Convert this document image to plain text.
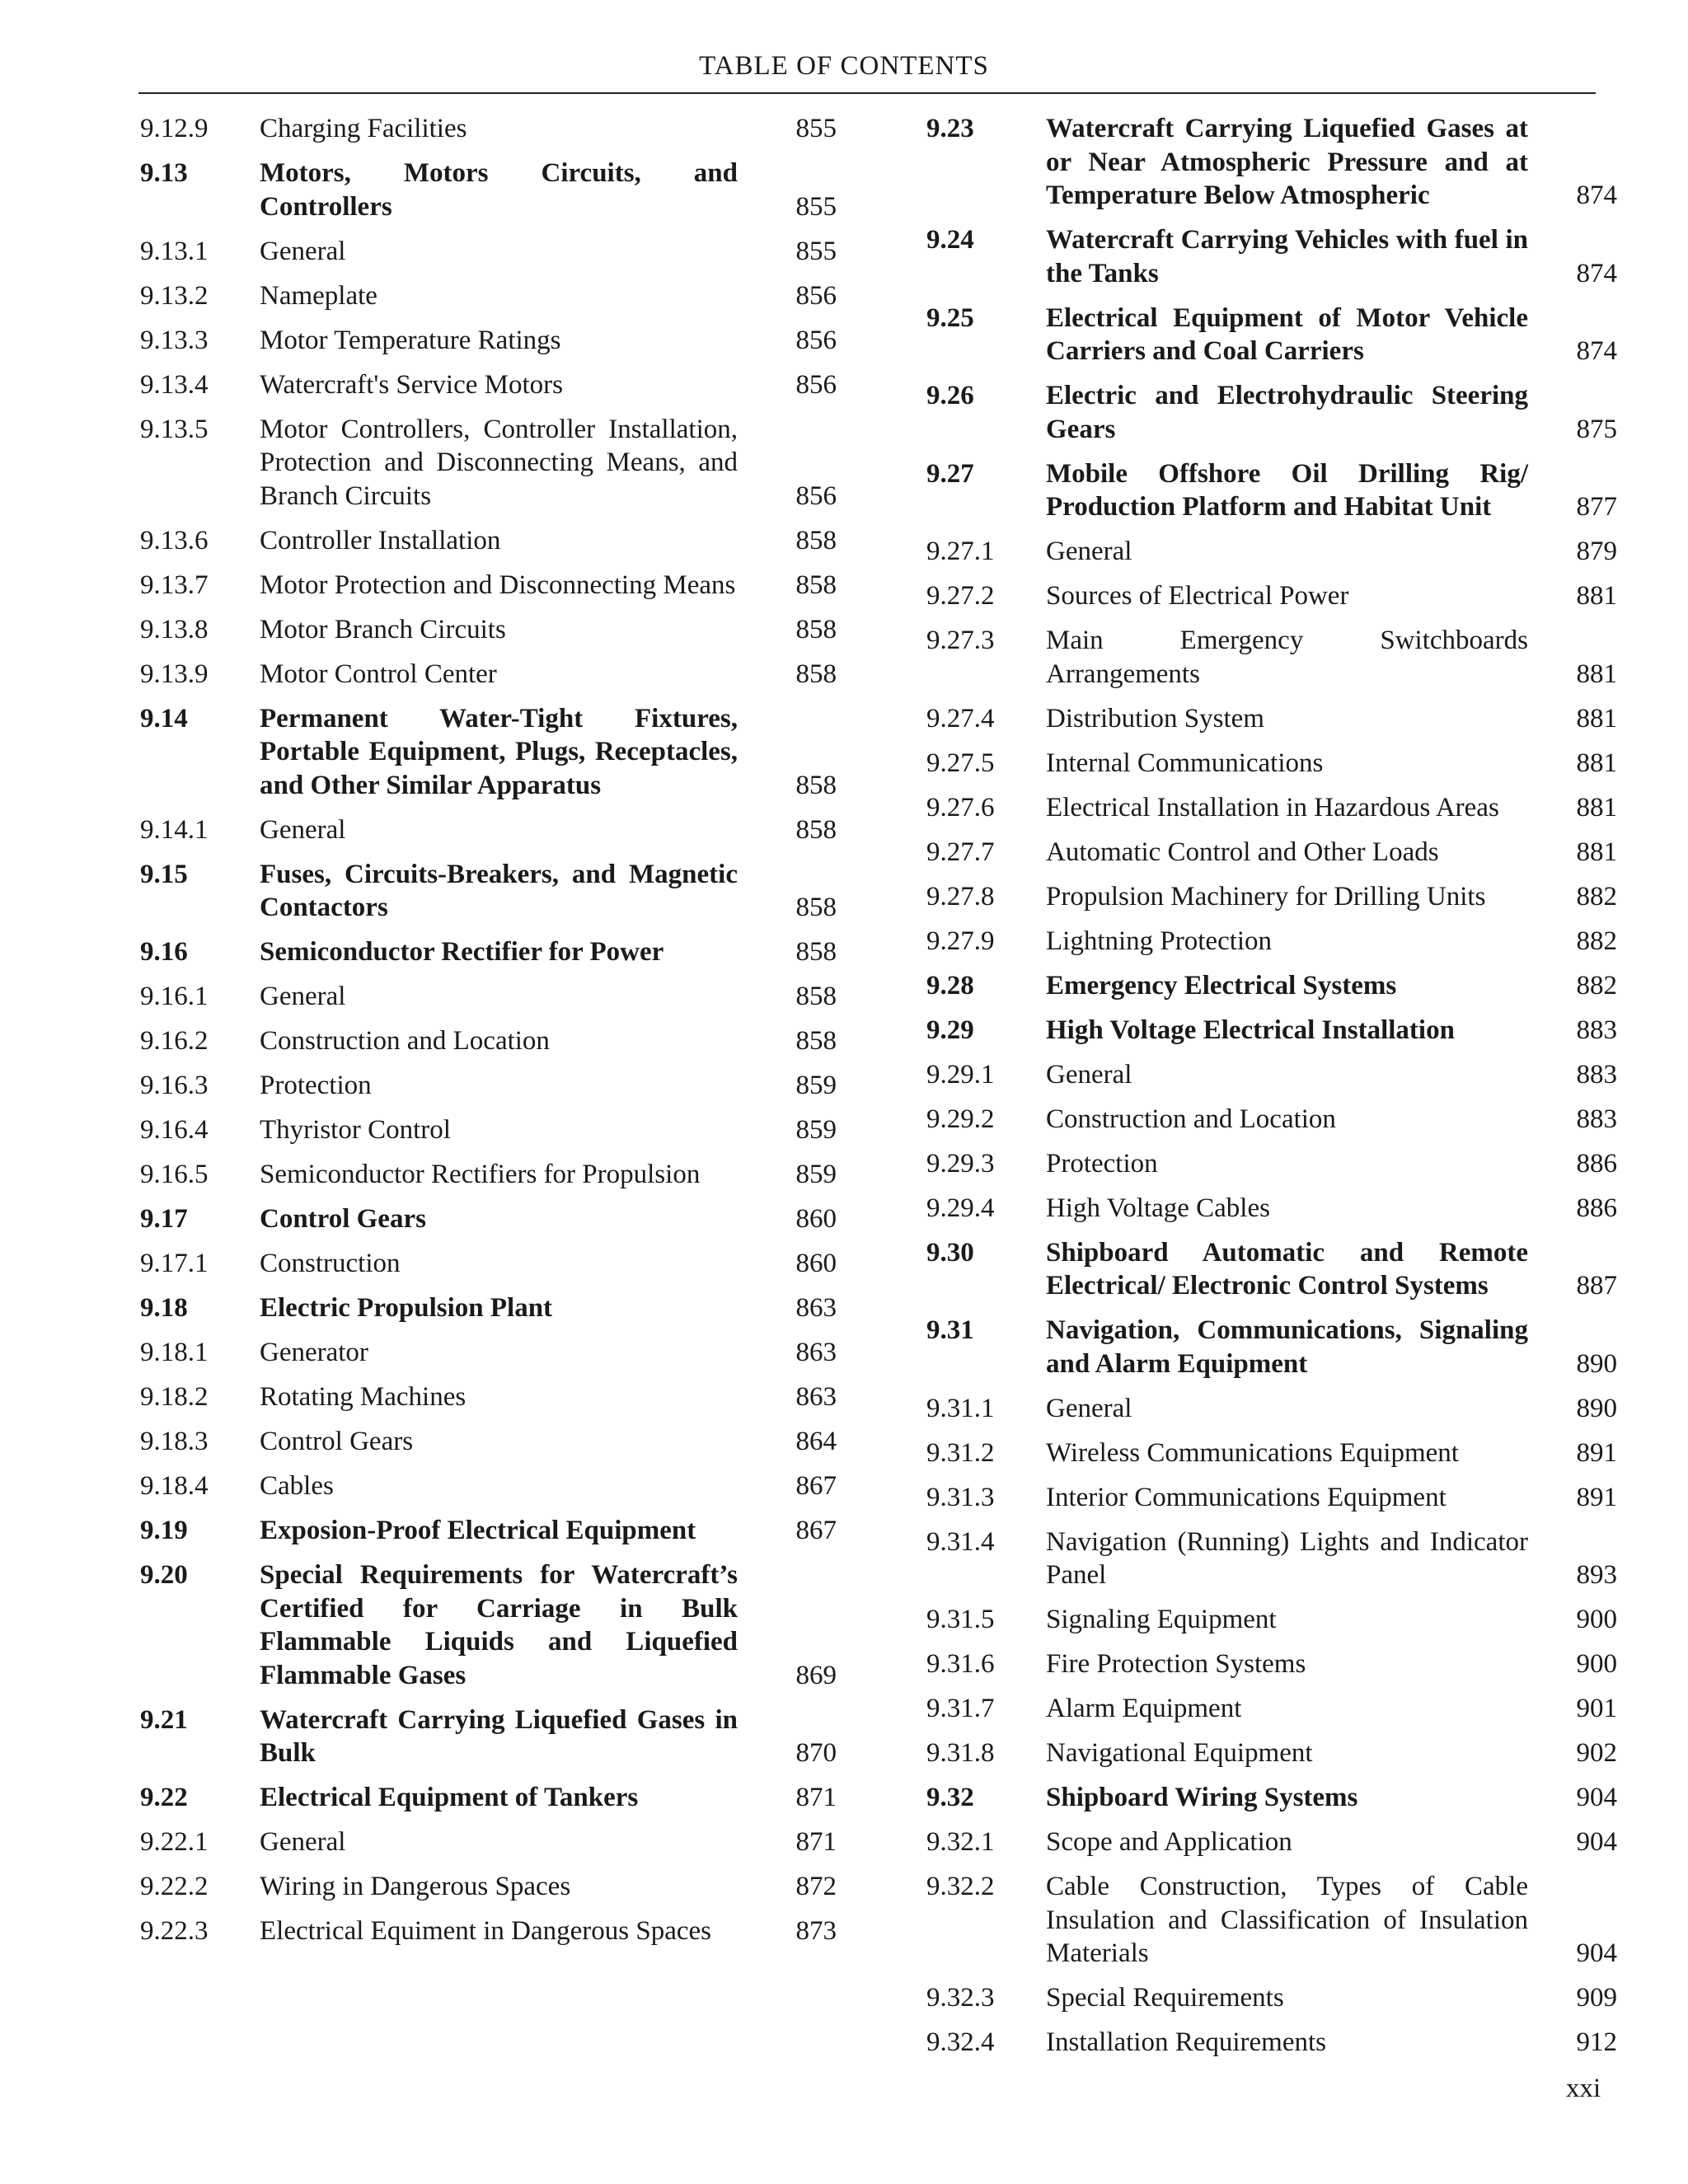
TABLE OF CONTENTS
9.12.9	Charging Facilities	855
9.13	Motors, Motors Circuits, and Controllers	855
9.13.1	General	855
9.13.2	Nameplate	856
9.13.3	Motor Temperature Ratings	856
9.13.4	Watercraft's Service Motors	856
9.13.5	Motor Controllers, Controller Installation, Protection and Disconnecting Means, and Branch Circuits	856
9.13.6	Controller Installation	858
9.13.7	Motor Protection and Disconnecting Means	858
9.13.8	Motor Branch Circuits	858
9.13.9	Motor Control Center	858
9.14	Permanent Water-Tight Fixtures, Portable Equipment, Plugs, Receptacles, and Other Similar Apparatus	858
9.14.1	General	858
9.15	Fuses, Circuits-Breakers, and Magnetic Contactors	858
9.16	Semiconductor Rectifier for Power	858
9.16.1	General	858
9.16.2	Construction and Location	858
9.16.3	Protection	859
9.16.4	Thyristor Control	859
9.16.5	Semiconductor Rectifiers for Propulsion	859
9.17	Control Gears	860
9.17.1	Construction	860
9.18	Electric Propulsion Plant	863
9.18.1	Generator	863
9.18.2	Rotating Machines	863
9.18.3	Control Gears	864
9.18.4	Cables	867
9.19	Exposion-Proof Electrical Equipment	867
9.20	Special Requirements for Watercraft’s Certified for Carriage in Bulk Flammable Liquids and Liquefied Flammable Gases	869
9.21	Watercraft Carrying Liquefied Gases in Bulk	870
9.22	Electrical Equipment of Tankers	871
9.22.1	General	871
9.22.2	Wiring in Dangerous Spaces	872
9.22.3	Electrical Equiment in Dangerous Spaces	873
9.23	Watercraft Carrying Liquefied Gases at or Near Atmospheric Pressure and at Temperature Below Atmospheric	874
9.24	Watercraft Carrying Vehicles with fuel in the Tanks	874
9.25	Electrical Equipment of Motor Vehicle Carriers and Coal Carriers	874
9.26	Electric and Electrohydraulic Steering Gears	875
9.27	Mobile Offshore Oil Drilling Rig/ Production Platform and Habitat Unit	877
9.27.1	General	879
9.27.2	Sources of Electrical Power	881
9.27.3	Main Emergency Switchboards Arrangements	881
9.27.4	Distribution System	881
9.27.5	Internal Communications	881
9.27.6	Electrical Installation in Hazardous Areas	881
9.27.7	Automatic Control and Other Loads	881
9.27.8	Propulsion Machinery for Drilling Units	882
9.27.9	Lightning Protection	882
9.28	Emergency Electrical Systems	882
9.29	High Voltage Electrical Installation	883
9.29.1	General	883
9.29.2	Construction and Location	883
9.29.3	Protection	886
9.29.4	High Voltage Cables	886
9.30	Shipboard Automatic and Remote Electrical/ Electronic Control Systems	887
9.31	Navigation, Communications, Signaling and Alarm Equipment	890
9.31.1	General	890
9.31.2	Wireless Communications Equipment	891
9.31.3	Interior Communications Equipment	891
9.31.4	Navigation (Running) Lights and Indicator Panel	893
9.31.5	Signaling Equipment	900
9.31.6	Fire Protection Systems	900
9.31.7	Alarm Equipment	901
9.31.8	Navigational Equipment	902
9.32	Shipboard Wiring Systems	904
9.32.1	Scope and Application	904
9.32.2	Cable Construction, Types of Cable Insulation and Classification of Insulation Materials	904
9.32.3	Special Requirements	909
9.32.4	Installation Requirements	912
xxi
